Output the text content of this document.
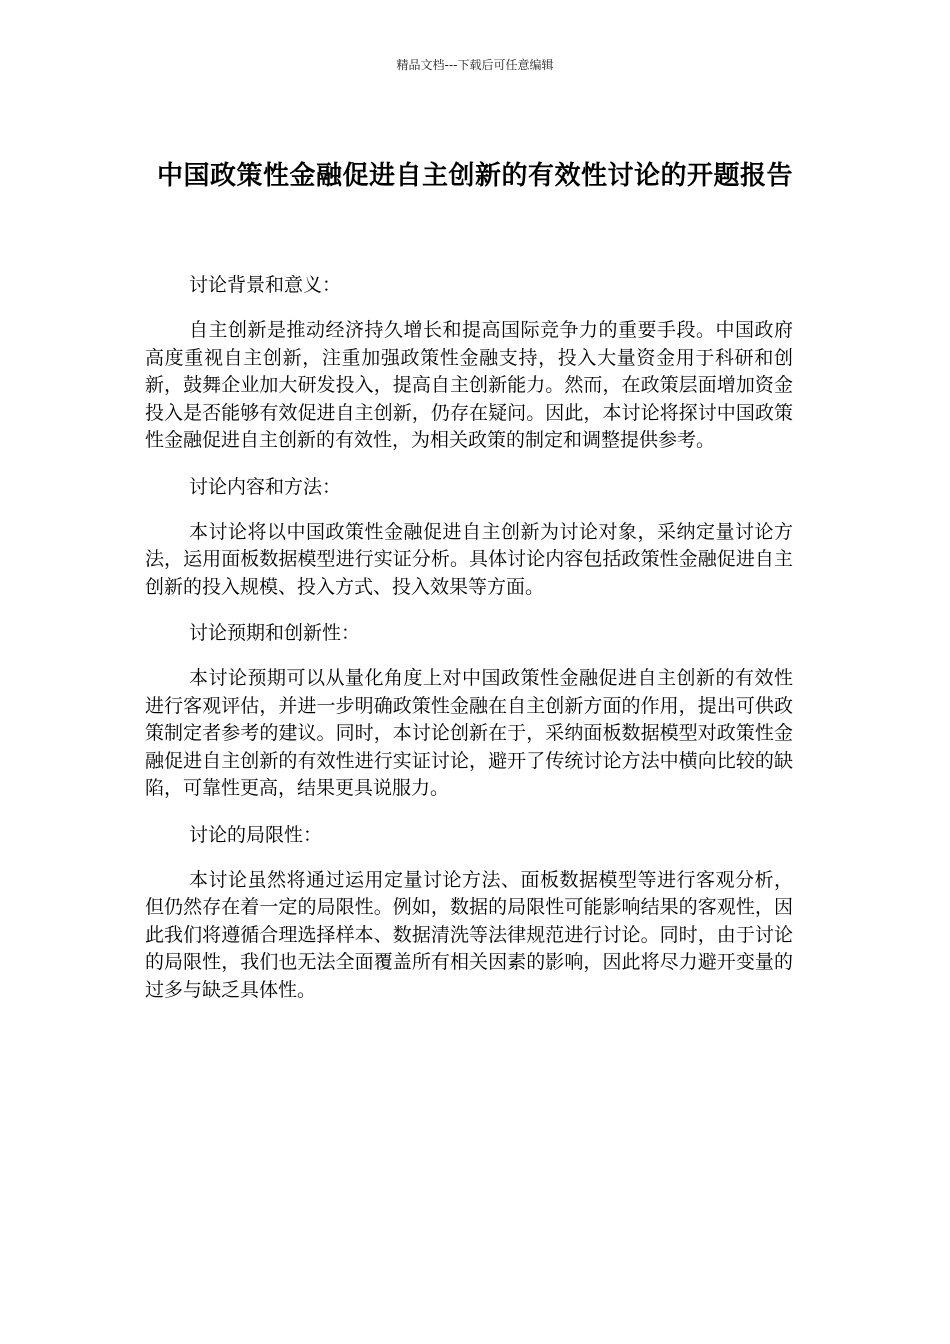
精品文档---下载后可任意编辑
中国政策性金融促进自主创新的有效性讨论的开题报告

讨论背景和意义：

自主创新是推动经济持久增长和提高国际竞争力的重要手段。中国政府高度重视自主创新，注重加强政策性金融支持，投入大量资金用于科研和创新，鼓舞企业加大研发投入，提高自主创新能力。然而，在政策层面增加资金投入是否能够有效促进自主创新，仍存在疑问。因此，本讨论将探讨中国政策性金融促进自主创新的有效性，为相关政策的制定和调整提供参考。

讨论内容和方法：

本讨论将以中国政策性金融促进自主创新为讨论对象，采纳定量讨论方法，运用面板数据模型进行实证分析。具体讨论内容包括政策性金融促进自主创新的投入规模、投入方式、投入效果等方面。

讨论预期和创新性：

本讨论预期可以从量化角度上对中国政策性金融促进自主创新的有效性进行客观评估，并进一步明确政策性金融在自主创新方面的作用，提出可供政策制定者参考的建议。同时，本讨论创新在于，采纳面板数据模型对政策性金融促进自主创新的有效性进行实证讨论，避开了传统讨论方法中横向比较的缺陷，可靠性更高，结果更具说服力。

讨论的局限性：

本讨论虽然将通过运用定量讨论方法、面板数据模型等进行客观分析，但仍然存在着一定的局限性。例如，数据的局限性可能影响结果的客观性，因此我们将遵循合理选择样本、数据清洗等法律规范进行讨论。同时，由于讨论的局限性，我们也无法全面覆盖所有相关因素的影响，因此将尽力避开变量的过多与缺乏具体性。
